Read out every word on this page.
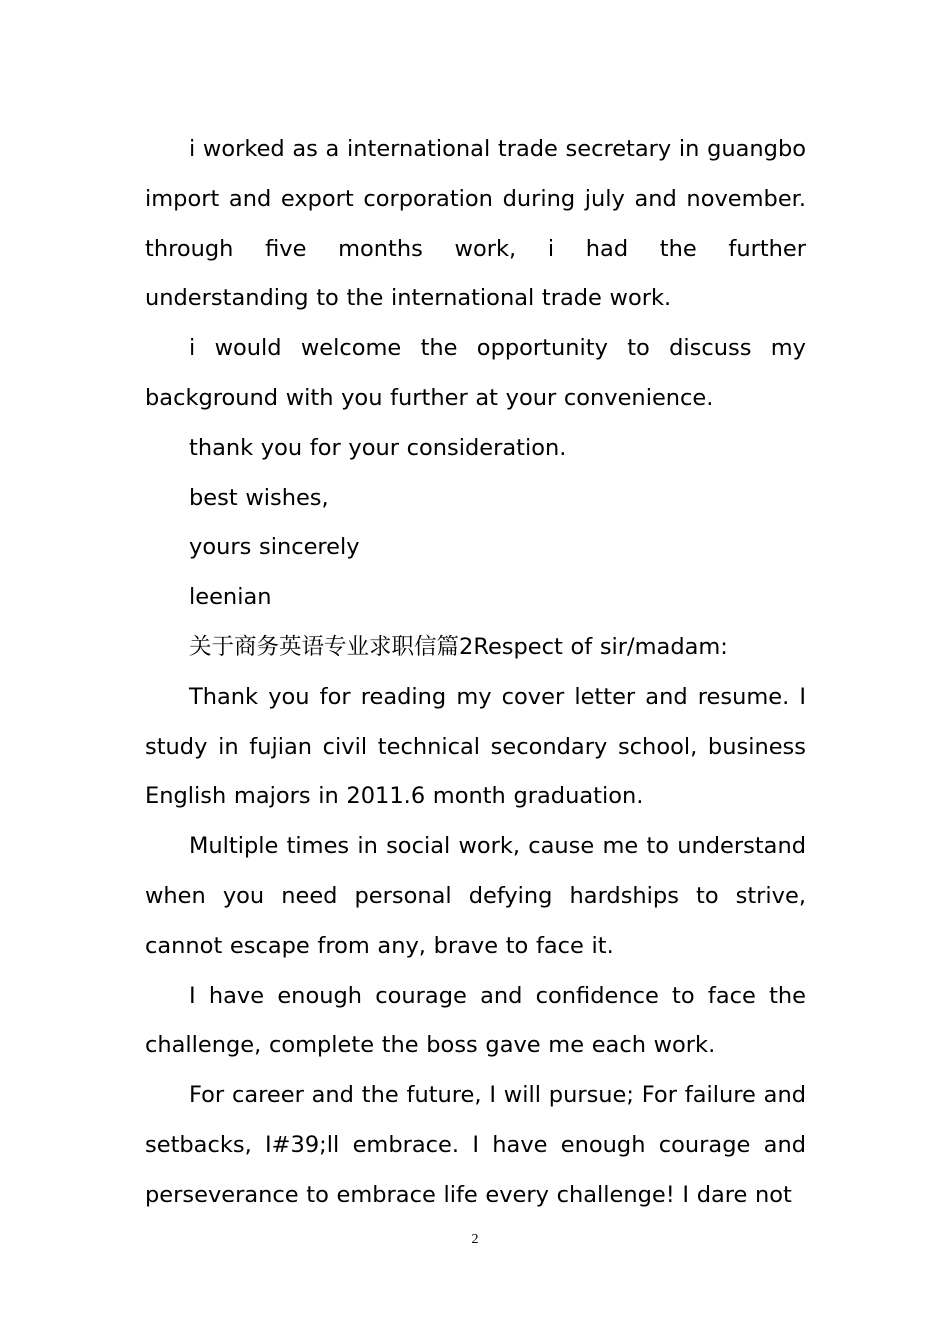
i worked as a international trade secretary in guangbo import and export corporation during july and november. through five months work, i had the further understanding to the international trade work.

i would welcome the opportunity to discuss my background with you further at your convenience.

thank you for your consideration.

best wishes,

yours sincerely

leenian

关于商务英语专业求职信篇2Respect of sir/madam:

Thank you for reading my cover letter and resume. I study in fujian civil technical secondary school, business English majors in 2011.6 month graduation.

Multiple times in social work, cause me to understand when you need personal defying hardships to strive, cannot escape from any, brave to face it.

I have enough courage and confidence to face the challenge, complete the boss gave me each work.

For career and the future, I will pursue; For failure and setbacks, I#39;ll embrace. I have enough courage and perseverance to embrace life every challenge! I dare not

2
